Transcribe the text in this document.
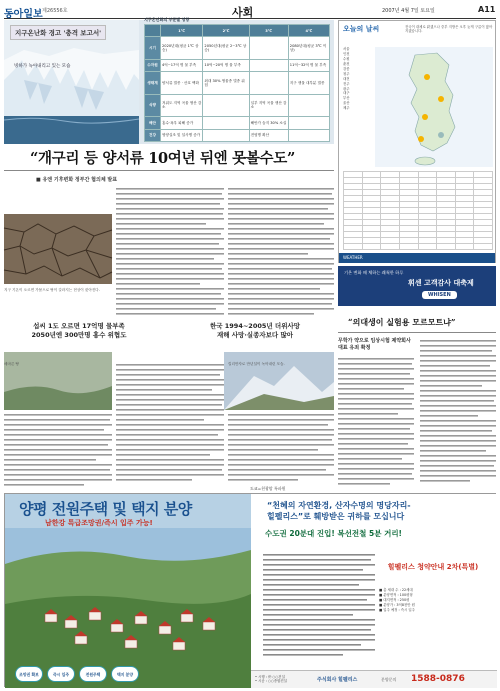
동아일보 제26556호	사회	2007년 4월 7일 토요일	A11
지구온난화 경고 '충격 보고서'
빙하가 녹아내리고 있는 모습
지구온난화의 부문별 영향
	1℃	2℃	3℃	4℃
시기	2020년대(평균 1℃ 상승)	2050년대(평균 2~3℃ 상승)		2080년대(평균 3℃ 이상)
수자원	4억~17억 명 물 부족	10억~20억 명 물 부족		11억~32억 명 물 부족
생태계	양서류 멸종 · 산호 백화	최대 30% 생물종 멸종 위험		지구 생물 대부분 멸종
식량	저위도 지역 곡물 생산 감소		일부 지역 곡물 생산 감소	
해안	홍수·폭우 피해 증가		해안가 습지 30% 소실	
건강	영양실조 및 설사병 증가		전염병 확산	
오늘의 날씨	전국이 대체로 맑겠으나 중부 지방은 오후 늦게 구름이 많아지겠습니다.
서울
인천
수원
춘천
강릉
청주
대전
전주
광주
대구
부산
울산
제주

WEATHER
“개구리 등 양서류 10여년 뒤엔 못볼수도”
■ 유엔 기후변화 정부간 협의체 발표
지구 기온이 오르면 가뭄으로 땅이 갈라지는 현상이 잦아진다.
섭씨 1도 오르면 17억명 물부족
2050년엔 300만명 홍수 위협도
한국 1994~2005년 더위사망
재해 사망·실종자보다 많아
메마른 땅	킬리만자로 만년설이 녹아내린 모습.
도쿄=천광암 특파원
기온 변화 때 체하는 쾌척한 하루
휘센 고객감사 대축제
WHISEN
“의대생이 실험용 모르모트냐”
무학가 약으로 임상시험 제약회사 대표 유죄 확정
양평 전원주택 및 택지 분양
남한강 특급조망권/즉시 입주 가능!
조망권 확보	즉시 입주	전원주택	택지 분양
“천혜의 자연환경, 산자수명의 명당자리-
힐펠리스”로 훼방받은 귀하를 모십니다
수도권 20분대 진입! 복선전철 5분 거리!
힐펠리스 청약안내 2차(특별)
■ 총 세대 수 : 22세대
■ 분양면적 : 100평형
■ 대지면적 : 250평
■ 분양가 : 3억8천만 원
■ 입주 예정 : 즉시 입주
• 시행 : ㈜ ○○건설
• 시공 : ○○종합건설	주식회사 힐펠리스	분양문의 1588-0876
